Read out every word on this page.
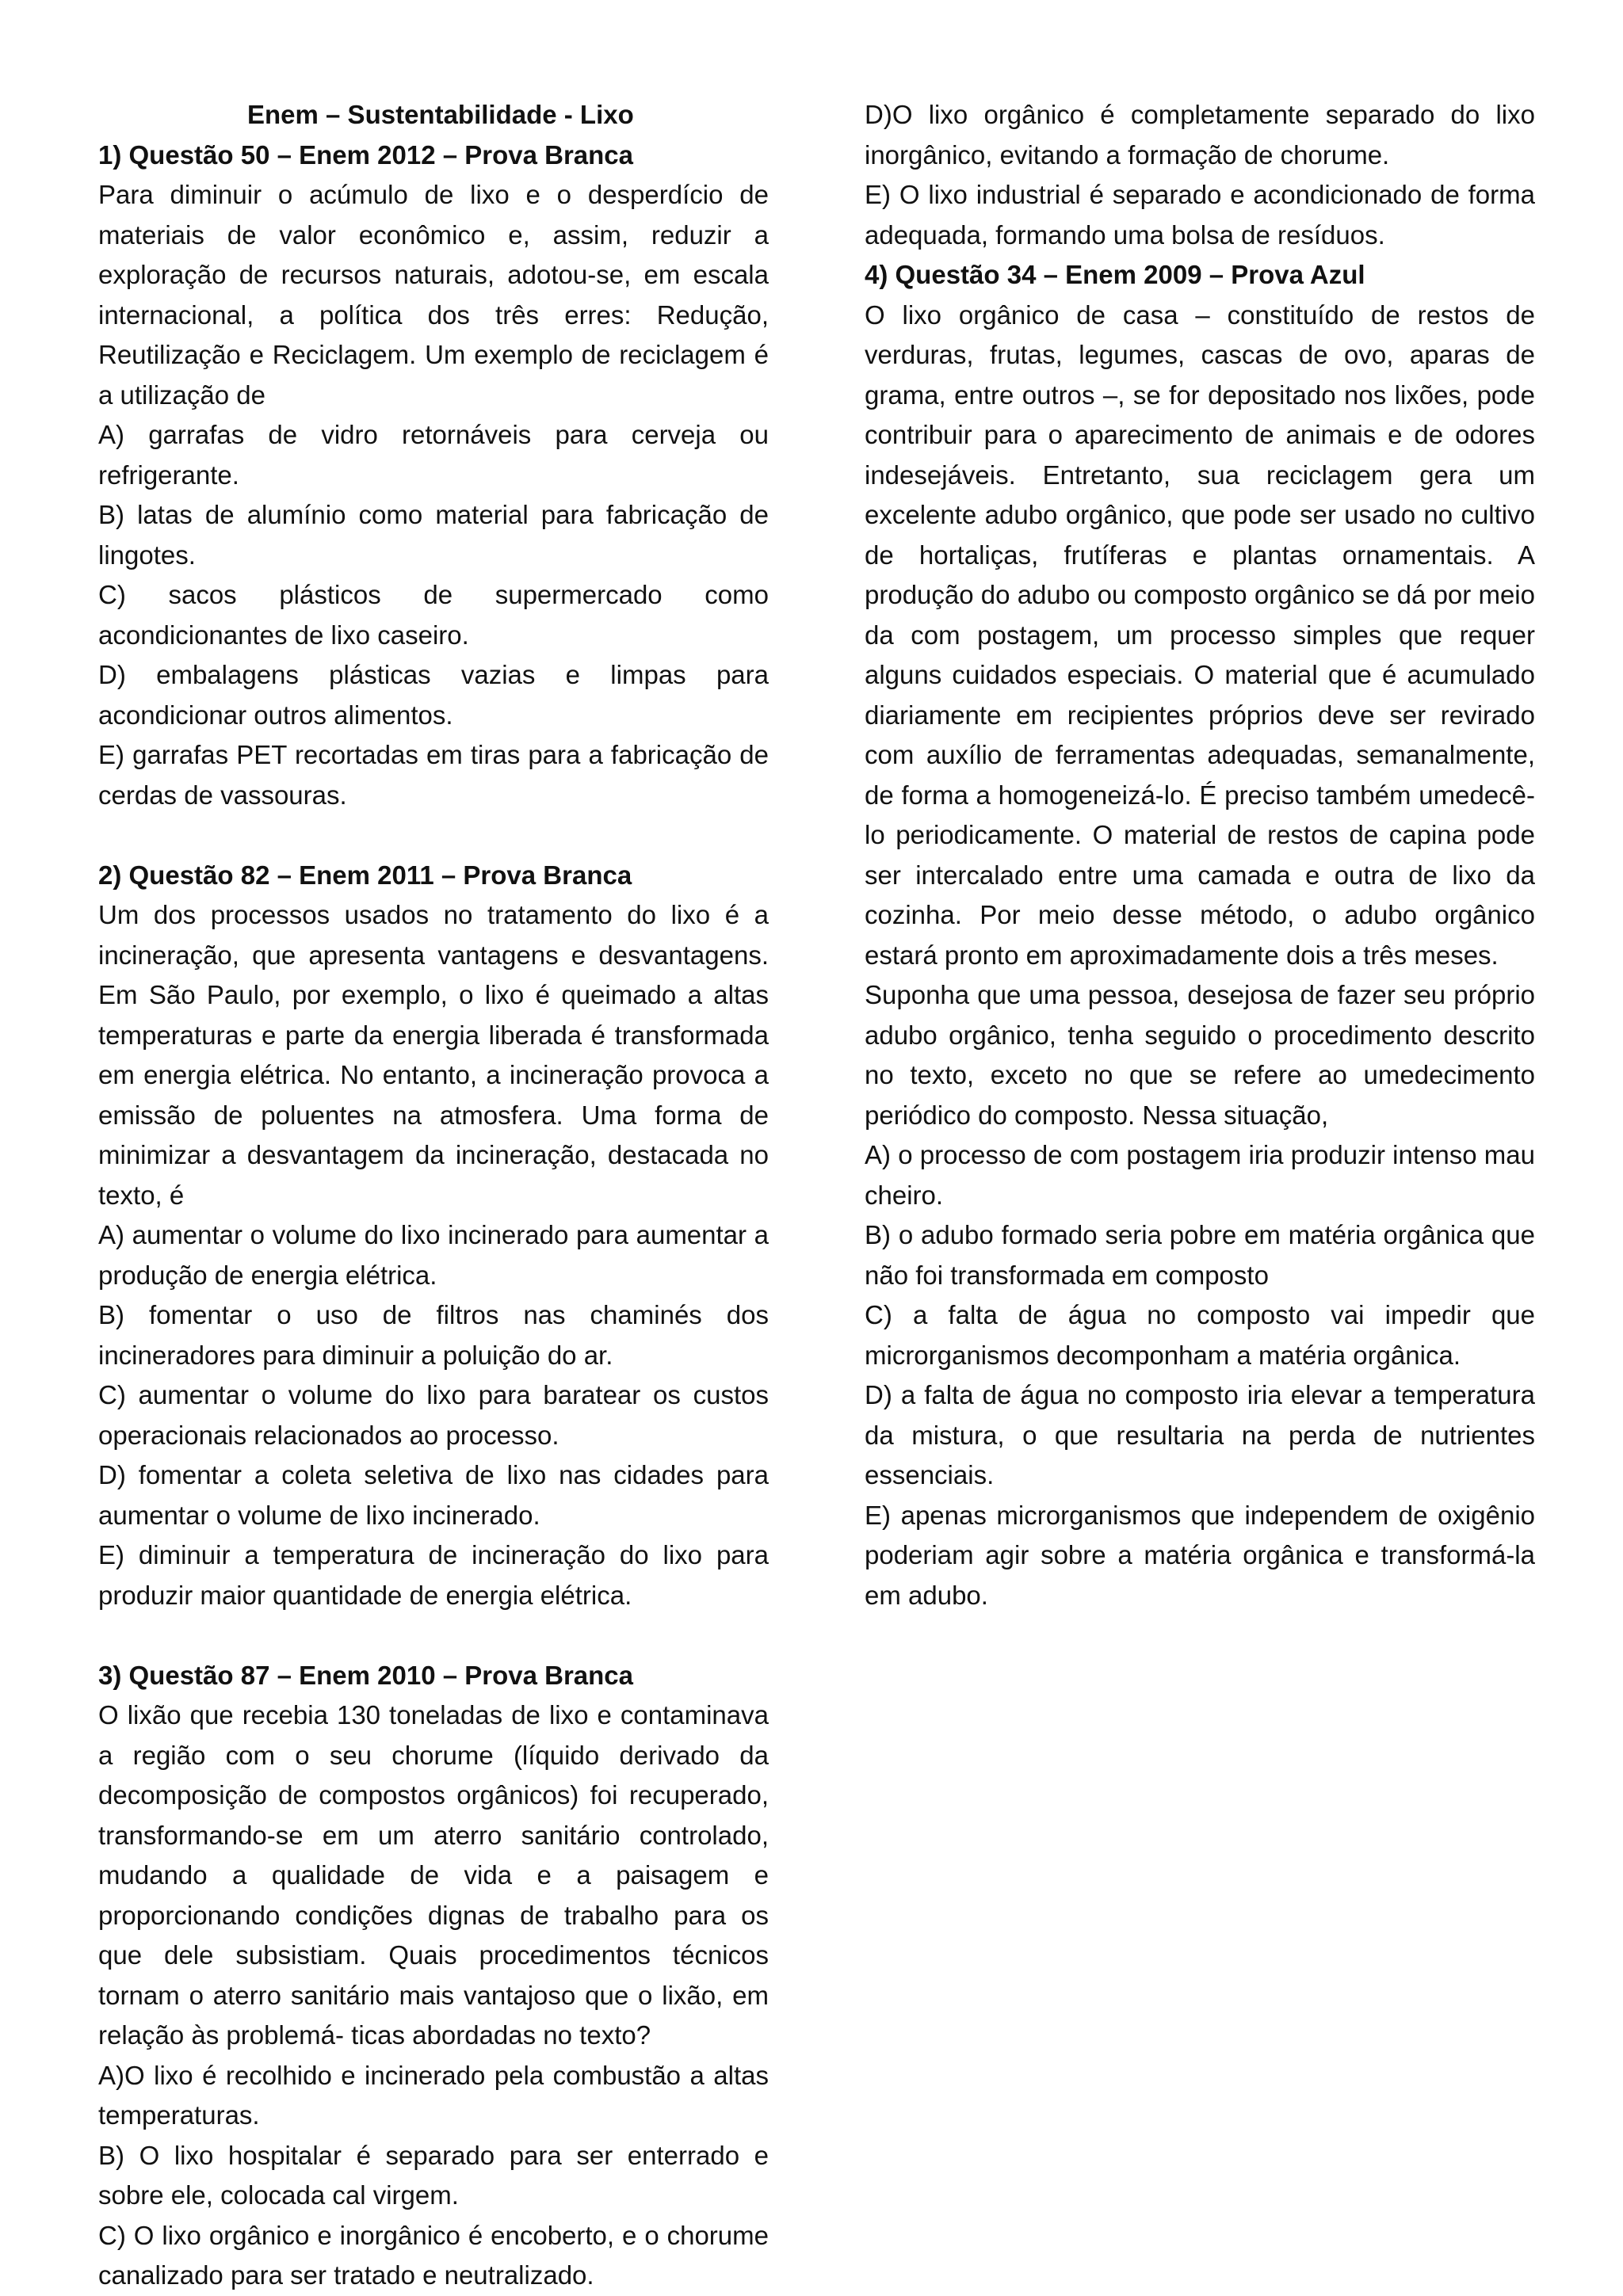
Enem – Sustentabilidade - Lixo

1) Questão 50 – Enem 2012 – Prova Branca

Para diminuir o acúmulo de lixo e o desperdício de materiais de valor econômico e, assim, reduzir a exploração de recursos naturais, adotou-se, em escala internacional, a política dos três erres: Redução, Reutilização e Reciclagem. Um exemplo de reciclagem é a utilização de

A) garrafas de vidro retornáveis para cerveja ou refrigerante.

B) latas de alumínio como material para fabricação de lingotes.

C) sacos plásticos de supermercado como acondicionantes de lixo caseiro.

D) embalagens plásticas vazias e limpas para acondicionar outros alimentos.

E) garrafas PET recortadas em tiras para a fabricação de cerdas de vassouras.

2) Questão 82 – Enem 2011 – Prova Branca

Um dos processos usados no tratamento do lixo é a incineração, que apresenta vantagens e desvantagens. Em São Paulo, por exemplo, o lixo é queimado a altas temperaturas e parte da energia liberada é transformada em energia elétrica. No entanto, a incineração provoca a emissão de poluentes na atmosfera. Uma forma de minimizar a desvantagem da incineração, destacada no texto, é

A) aumentar o volume do lixo incinerado para aumentar a produção de energia elétrica.

B) fomentar o uso de filtros nas chaminés dos incineradores para diminuir a poluição do ar.

C) aumentar o volume do lixo para baratear os custos operacionais relacionados ao processo.

D) fomentar a coleta seletiva de lixo nas cidades para aumentar o volume de lixo incinerado.

E) diminuir a temperatura de incineração do lixo para produzir maior quantidade de energia elétrica.

3) Questão 87 – Enem 2010 – Prova Branca

O lixão que recebia 130 toneladas de lixo e contaminava a região com o seu chorume (líquido derivado da decomposição de compostos orgânicos) foi recuperado, transformando-se em um aterro sanitário controlado, mudando a qualidade de vida e a paisagem e proporcionando condições dignas de trabalho para os que dele subsistiam. Quais procedimentos técnicos tornam o aterro sanitário mais vantajoso que o lixão, em relação às problemá- ticas abordadas no texto?

A)O lixo é recolhido e incinerado pela combustão a altas temperaturas.

B) O lixo hospitalar é separado para ser enterrado e sobre ele, colocada cal virgem.

C) O lixo orgânico e inorgânico é encoberto, e o chorume canalizado para ser tratado e neutralizado.

D)O lixo orgânico é completamente separado do lixo inorgânico, evitando a formação de chorume.

E) O lixo industrial é separado e acondicionado de forma adequada, formando uma bolsa de resíduos.

4) Questão 34 – Enem 2009 – Prova Azul

O lixo orgânico de casa – constituído de restos de verduras, frutas, legumes, cascas de ovo, aparas de grama, entre outros –, se for depositado nos lixões, pode contribuir para o aparecimento de animais e de odores indesejáveis. Entretanto, sua reciclagem gera um excelente adubo orgânico, que pode ser usado no cultivo de hortaliças, frutíferas e plantas ornamentais. A produção do adubo ou composto orgânico se dá por meio da com postagem, um processo simples que requer alguns cuidados especiais. O material que é acumulado diariamente em recipientes próprios deve ser revirado com auxílio de ferramentas adequadas, semanalmente, de forma a homogeneizá-lo. É preciso também umedecê-lo periodicamente. O material de restos de capina pode ser intercalado entre uma camada e outra de lixo da cozinha. Por meio desse método, o adubo orgânico estará pronto em aproximadamente dois a três meses.

Suponha que uma pessoa, desejosa de fazer seu próprio adubo orgânico, tenha seguido o procedimento descrito no texto, exceto no que se refere ao umedecimento periódico do composto. Nessa situação,

A) o processo de com postagem iria produzir intenso mau cheiro.

B) o adubo formado seria pobre em matéria orgânica que não foi transformada em composto

C) a falta de água no composto vai impedir que microrganismos decomponham a matéria orgânica.

D) a falta de água no composto iria elevar a temperatura da mistura, o que resultaria na perda de nutrientes essenciais.

E) apenas microrganismos que independem de oxigênio poderiam agir sobre a matéria orgânica e transformá-la em adubo.
